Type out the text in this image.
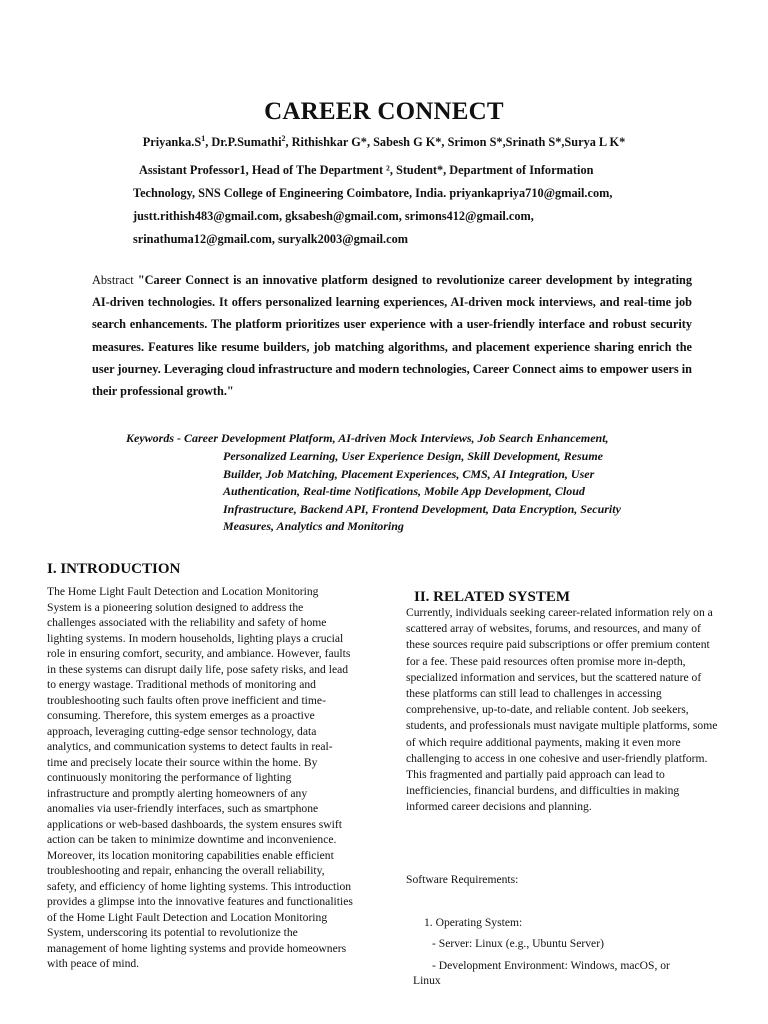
CAREER CONNECT
$Priyanka.S^1$, Dr.P.Sumathi$^2$, Rithishkar G*, Sabesh G K*, Srimon S*,Srinath S*,Surya L K*
Assistant Professor1, Head of The Department ², Student*, Department of Information
Technology, SNS College of Engineering Coimbatore, India. priyankapriya710@gmail.com,
justt.rithish483@gmail.com, gksabesh@gmail.com, srimons412@gmail.com,
srinathuma12@gmail.com, suryalk2003@gmail.com
Abstract "Career Connect is an innovative platform designed to revolutionize career development by integrating AI-driven technologies. It offers personalized learning experiences, AI-driven mock interviews, and real-time job search enhancements. The platform prioritizes user experience with a user-friendly interface and robust security measures. Features like resume builders, job matching algorithms, and placement experience sharing enrich the user journey. Leveraging cloud infrastructure and modern technologies, Career Connect aims to empower users in their professional growth."
Keywords - Career Development Platform, AI-driven Mock Interviews, Job Search Enhancement,
Personalized Learning, User Experience Design, Skill Development, Resume Builder, Job Matching, Placement Experiences, CMS, AI Integration, User Authentication, Real-time Notifications, Mobile App Development, Cloud Infrastructure, Backend API, Frontend Development, Data Encryption, Security Measures, Analytics and Monitoring
I. INTRODUCTION
The Home Light Fault Detection and Location Monitoring System is a pioneering solution designed to address the challenges associated with the reliability and safety of home lighting systems. In modern households, lighting plays a crucial role in ensuring comfort, security, and ambiance. However, faults in these systems can disrupt daily life, pose safety risks, and lead to energy wastage. Traditional methods of monitoring and troubleshooting such faults often prove inefficient and time-consuming. Therefore, this system emerges as a proactive approach, leveraging cutting-edge sensor technology, data analytics, and communication systems to detect faults in real-time and precisely locate their source within the home. By continuously monitoring the performance of lighting infrastructure and promptly alerting homeowners of any anomalies via user-friendly interfaces, such as smartphone applications or web-based dashboards, the system ensures swift action can be taken to minimize downtime and inconvenience. Moreover, its location monitoring capabilities enable efficient troubleshooting and repair, enhancing the overall reliability, safety, and efficiency of home lighting systems. This introduction provides a glimpse into the innovative features and functionalities of the Home Light Fault Detection and Location Monitoring System, underscoring its potential to revolutionize the management of home lighting systems and provide homeowners with peace of mind.
II. RELATED SYSTEM
Currently, individuals seeking career-related information rely on a scattered array of websites, forums, and resources, and many of these sources require paid subscriptions or offer premium content for a fee. These paid resources often promise more in-depth, specialized information and services, but the scattered nature of these platforms can still lead to challenges in accessing comprehensive, up-to-date, and reliable content. Job seekers, students, and professionals must navigate multiple platforms, some of which require additional payments, making it even more challenging to access in one cohesive and user-friendly platform. This fragmented and partially paid approach can lead to inefficiencies, financial burdens, and difficulties in making informed career decisions and planning.
Software Requirements:
1. Operating System:
- Server: Linux (e.g., Ubuntu Server)
- Development Environment: Windows, macOS, or
Linux
